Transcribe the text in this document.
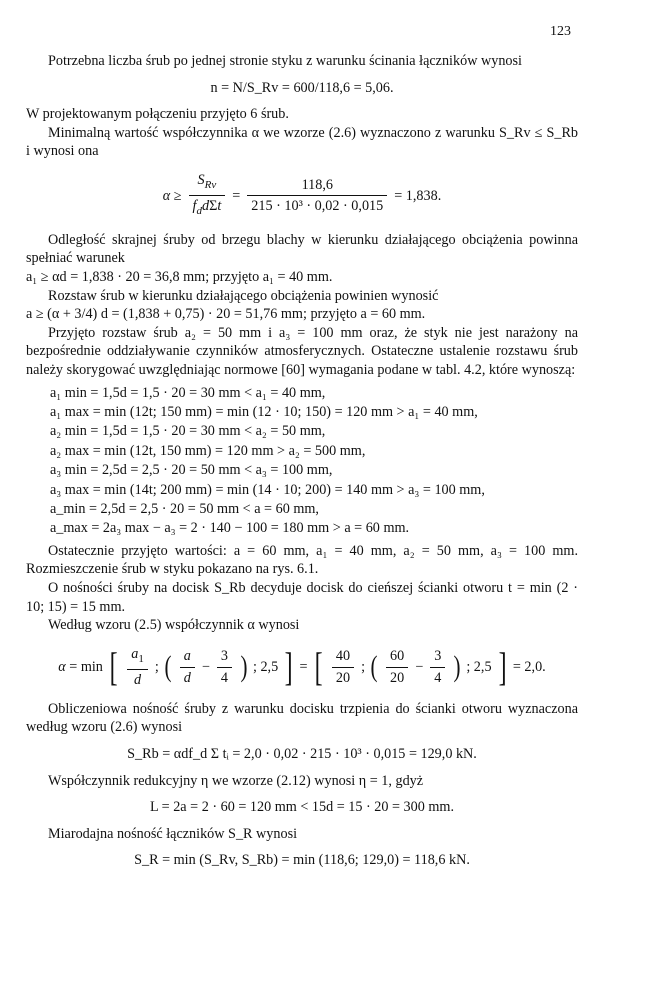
123

Potrzebna liczba śrub po jednej stronie styku z warunku ścinania łączników wynosi

n = N/S_Rv = 600/118,6 = 5,06.

W projektowanym połączeniu przyjęto 6 śrub.

Minimalną wartość współczynnika α we wzorze (2.6) wyznaczono z warunku S_Rv ≤ S_Rb i wynosi ona

$\alpha \ge \frac{S_{Rv}}{f_dd\Sigma t} = \frac{118,6}{\text{215 · 10³ · 0,02 · 0,015}} = 1,838$.

Odległość skrajnej śruby od brzegu blachy w kierunku działającego obciążenia powinna spełniać warunek

a₁ ≥ αd = 1,838 · 20 = 36,8 mm; przyjęto a₁ = 40 mm.

Rozstaw śrub w kierunku działającego obciążenia powinien wynosić

a ≥ (α + 3/4) d = (1,838 + 0,75) · 20 = 51,76 mm; przyjęto a = 60 mm.

Przyjęto rozstaw śrub a₂ = 50 mm i a₃ = 100 mm oraz, że styk nie jest narażony na bezpośrednie oddziaływanie czynników atmosferycznych. Ostateczne ustalenie rozstawu śrub należy skorygować uwzględniając normowe [60] wymagania podane w tabl. 4.2, które wynoszą:

a₁ min = 1,5d = 1,5 · 20 = 30 mm < a₁ = 40 mm,
a₁ max = min (12t; 150 mm) = min (12 · 10; 150) = 120 mm > a₁ = 40 mm,
a₂ min = 1,5d = 1,5 · 20 = 30 mm < a₂ = 50 mm,
a₂ max = min (12t, 150 mm) = 120 mm > a₂ = 500 mm,
a₃ min = 2,5d = 2,5 · 20 = 50 mm < a₃ = 100 mm,
a₃ max = min (14t; 200 mm) = min (14 · 10; 200) = 140 mm > a₃ = 100 mm,
a_min = 2,5d = 2,5 · 20 = 50 mm < a = 60 mm,
a_max = 2a₃ max − a₃ = 2 · 140 − 100 = 180 mm > a = 60 mm.

Ostatecznie przyjęto wartości: a = 60 mm, a₁ = 40 mm, a₂ = 50 mm, a₃ = 100 mm. Rozmieszczenie śrub w styku pokazano na rys. 6.1.

O nośności śruby na docisk S_Rb decyduje docisk do cieńszej ścianki otworu t = min (2 · 10; 15) = 15 mm.

Według wzoru (2.5) współczynnik α wynosi

α = min [ $\frac{a_1}{d}$ ; ( $\frac{a}{d} - \frac{3}{4}$ ) ; 2,5 ] = [ $\frac{40}{20}$ ; ( $\frac{60}{20} - \frac{3}{4}$ ) ; 2,5 ] = 2,0.

Obliczeniowa nośność śruby z warunku docisku trzpienia do ścianki otworu wyznaczona według wzoru (2.6) wynosi

S_Rb = αdf_d Σ tᵢ = 2,0 · 0,02 · 215 · 10³ · 0,015 = 129,0 kN.

Współczynnik redukcyjny η we wzorze (2.12) wynosi η = 1, gdyż

L = 2a = 2 · 60 = 120 mm < 15d = 15 · 20 = 300 mm.

Miarodajna nośność łączników S_R wynosi

S_R = min (S_Rv, S_Rb) = min (118,6; 129,0) = 118,6 kN.
